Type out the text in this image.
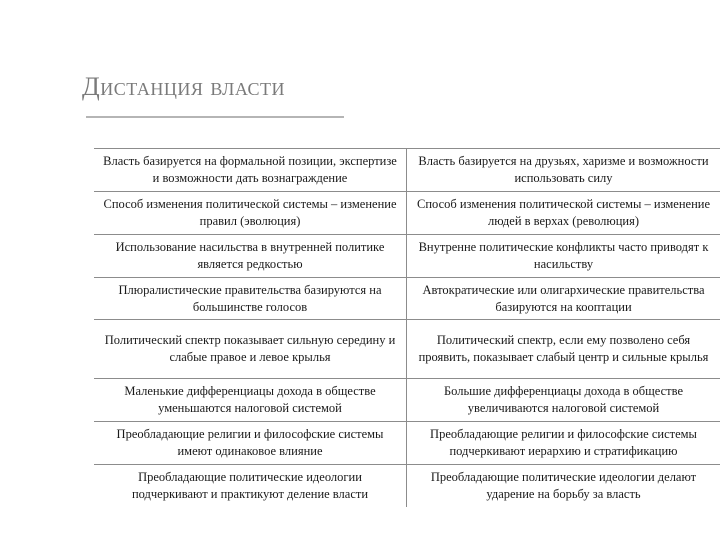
Дистанция власти
Власть базируется на формальной позиции, экспертизе и возможности дать вознаграждение
Власть базируется на друзьях, харизме и возможности использовать силу
Способ изменения политической системы – изменение правил (эволюция)
Способ изменения политической системы – изменение людей в верхах (революция)
Использование насильства в внутренней политике является редкостью
Внутренне политические конфликты часто приводят к насильству
Плюралистические правительства базируются на большинстве голосов
Автократические или олигархические правительства базируются на кооптации
Политический спектр показывает сильную середину и слабые правое и левое крылья
Политический спектр, если ему позволено себя проявить, показывает слабый центр и сильные крылья
Маленькие дифференциацы дохода в обществе уменьшаются налоговой системой
Большие дифференциацы дохода в обществе увеличиваются налоговой системой
Преобладающие религии и философские системы имеют одинаковое влияние
Преобладающие религии и философские системы подчеркивают иерархию и стратификацию
Преобладающие политические идеологии подчеркивают и практикуют деление власти
Преобладающие политические идеологии делают ударение на борьбу за власть
